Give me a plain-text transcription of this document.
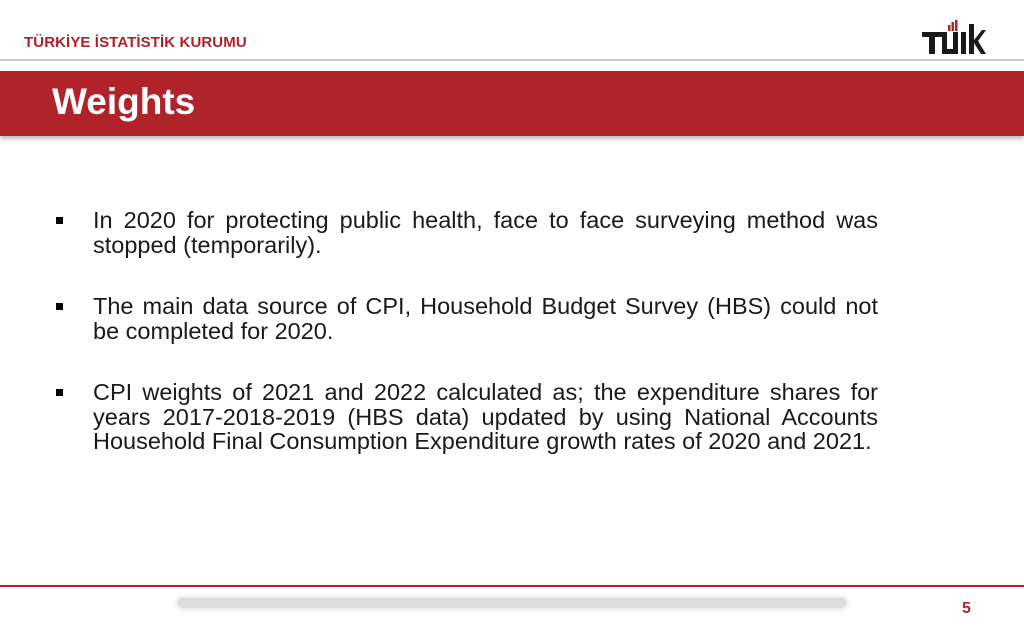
TÜRKİYE İSTATİSTİK KURUMU
Weights
In 2020 for protecting public health, face to face surveying method was stopped (temporarily).
The main data source of CPI, Household Budget Survey (HBS) could not be completed for 2020.
CPI weights of 2021 and 2022 calculated as; the expenditure shares for years 2017-2018-2019 (HBS data) updated by using National Accounts Household Final Consumption Expenditure growth rates of 2020 and 2021.
5
